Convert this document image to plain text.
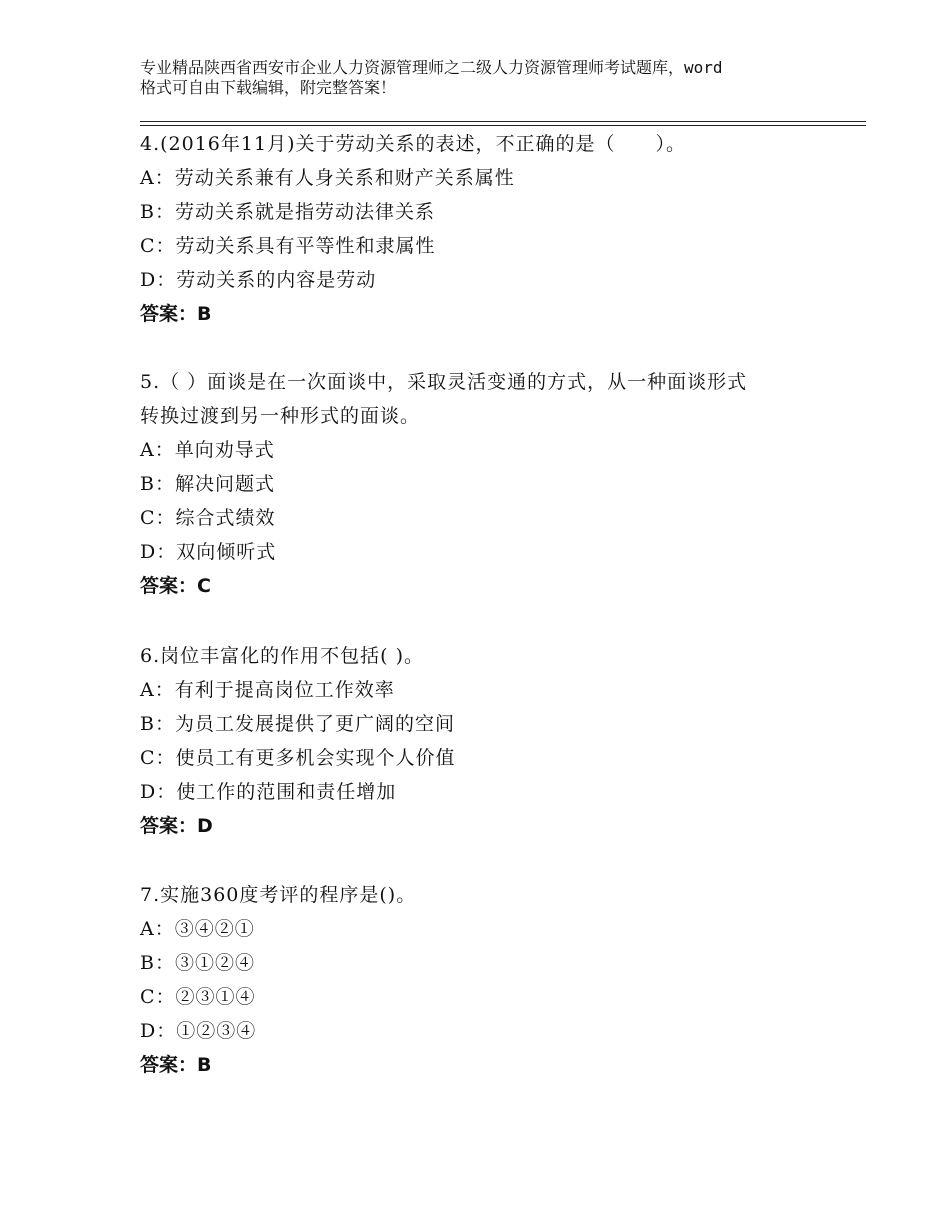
专业精品陕西省西安市企业人力资源管理师之二级人力资源管理师考试题库，word
格式可自由下载编辑，附完整答案！
4.(2016年11月)关于劳动关系的表述，不正确的是（　　）。
A：劳动关系兼有人身关系和财产关系属性
B：劳动关系就是指劳动法律关系
C：劳动关系具有平等性和隶属性
D：劳动关系的内容是劳动
答案：B
5.（ ）面谈是在一次面谈中，采取灵活变通的方式，从一种面谈形式
转换过渡到另一种形式的面谈。
A：单向劝导式
B：解决问题式
C：综合式绩效
D：双向倾听式
答案：C
6.岗位丰富化的作用不包括( )。
A：有利于提高岗位工作效率
B：为员工发展提供了更广阔的空间
C：使员工有更多机会实现个人价值
D：使工作的范围和责任增加
答案：D
7.实施360度考评的程序是()。
A：③④②①
B：③①②④
C：②③①④
D：①②③④
答案：B
